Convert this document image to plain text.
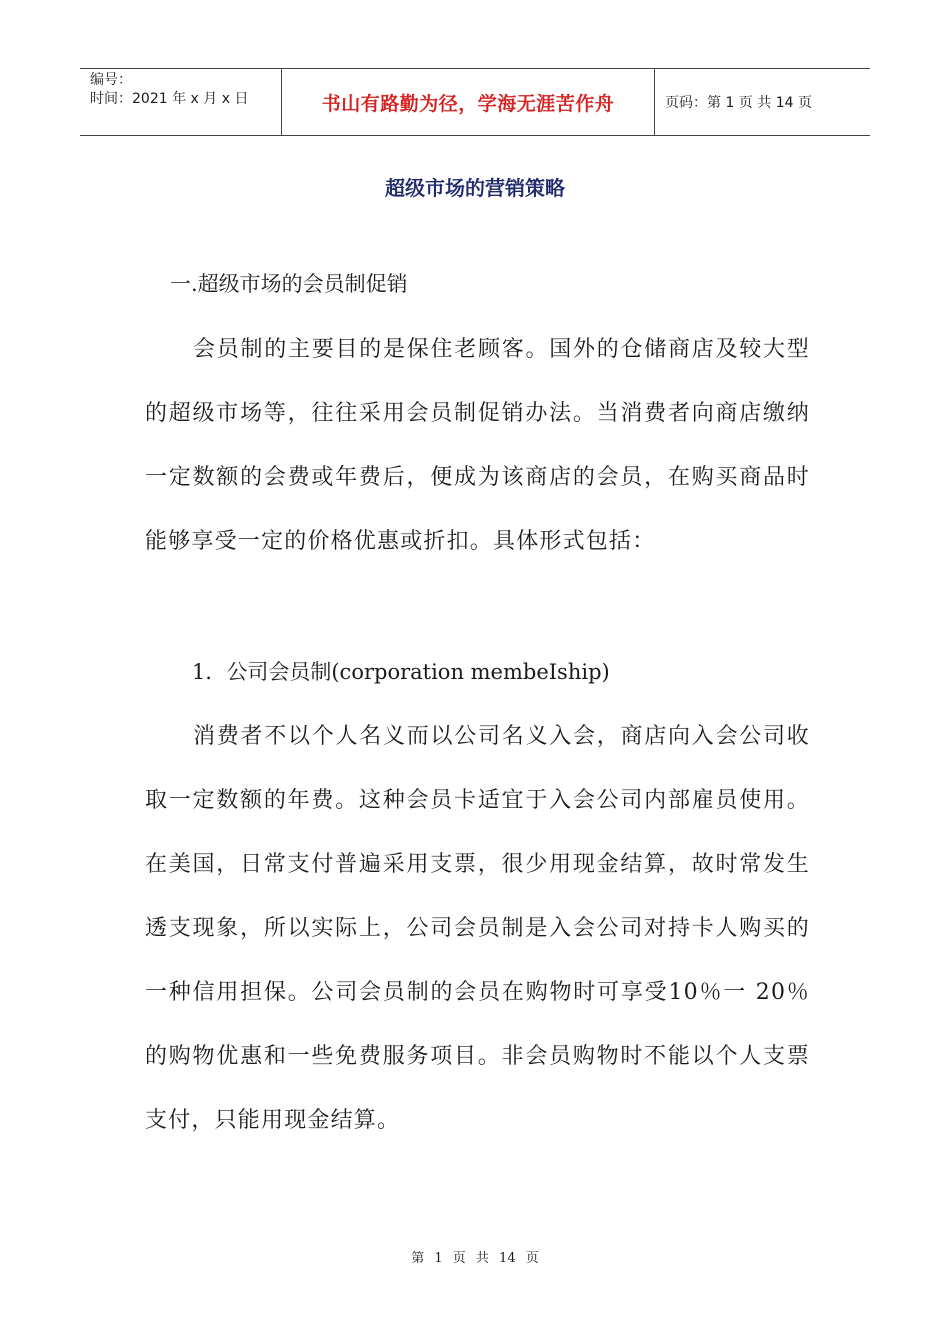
编号：
时间：2021 年 x 月 x 日	书山有路勤为径，学海无涯苦作舟	页码：第 1 页 共 14 页
超级市场的营销策略
一.超级市场的会员制促销

会员制的主要目的是保住老顾客。国外的仓储商店及较大型的超级市场等，往往采用会员制促销办法。当消费者向商店缴纳一定数额的会费或年费后，便成为该商店的会员，在购买商品时能够享受一定的价格优惠或折扣。具体形式包括：

1．公司会员制(corporation membeIship)

消费者不以个人名义而以公司名义入会，商店向入会公司收取一定数额的年费。这种会员卡适宜于入会公司内部雇员使用。在美国，日常支付普遍采用支票，很少用现金结算，故时常发生透支现象，所以实际上，公司会员制是入会公司对持卡人购买的一种信用担保。公司会员制的会员在购物时可享受10％一 20％的购物优惠和一些免费服务项目。非会员购物时不能以个人支票支付，只能用现金结算。

第 1 页 共 14 页
